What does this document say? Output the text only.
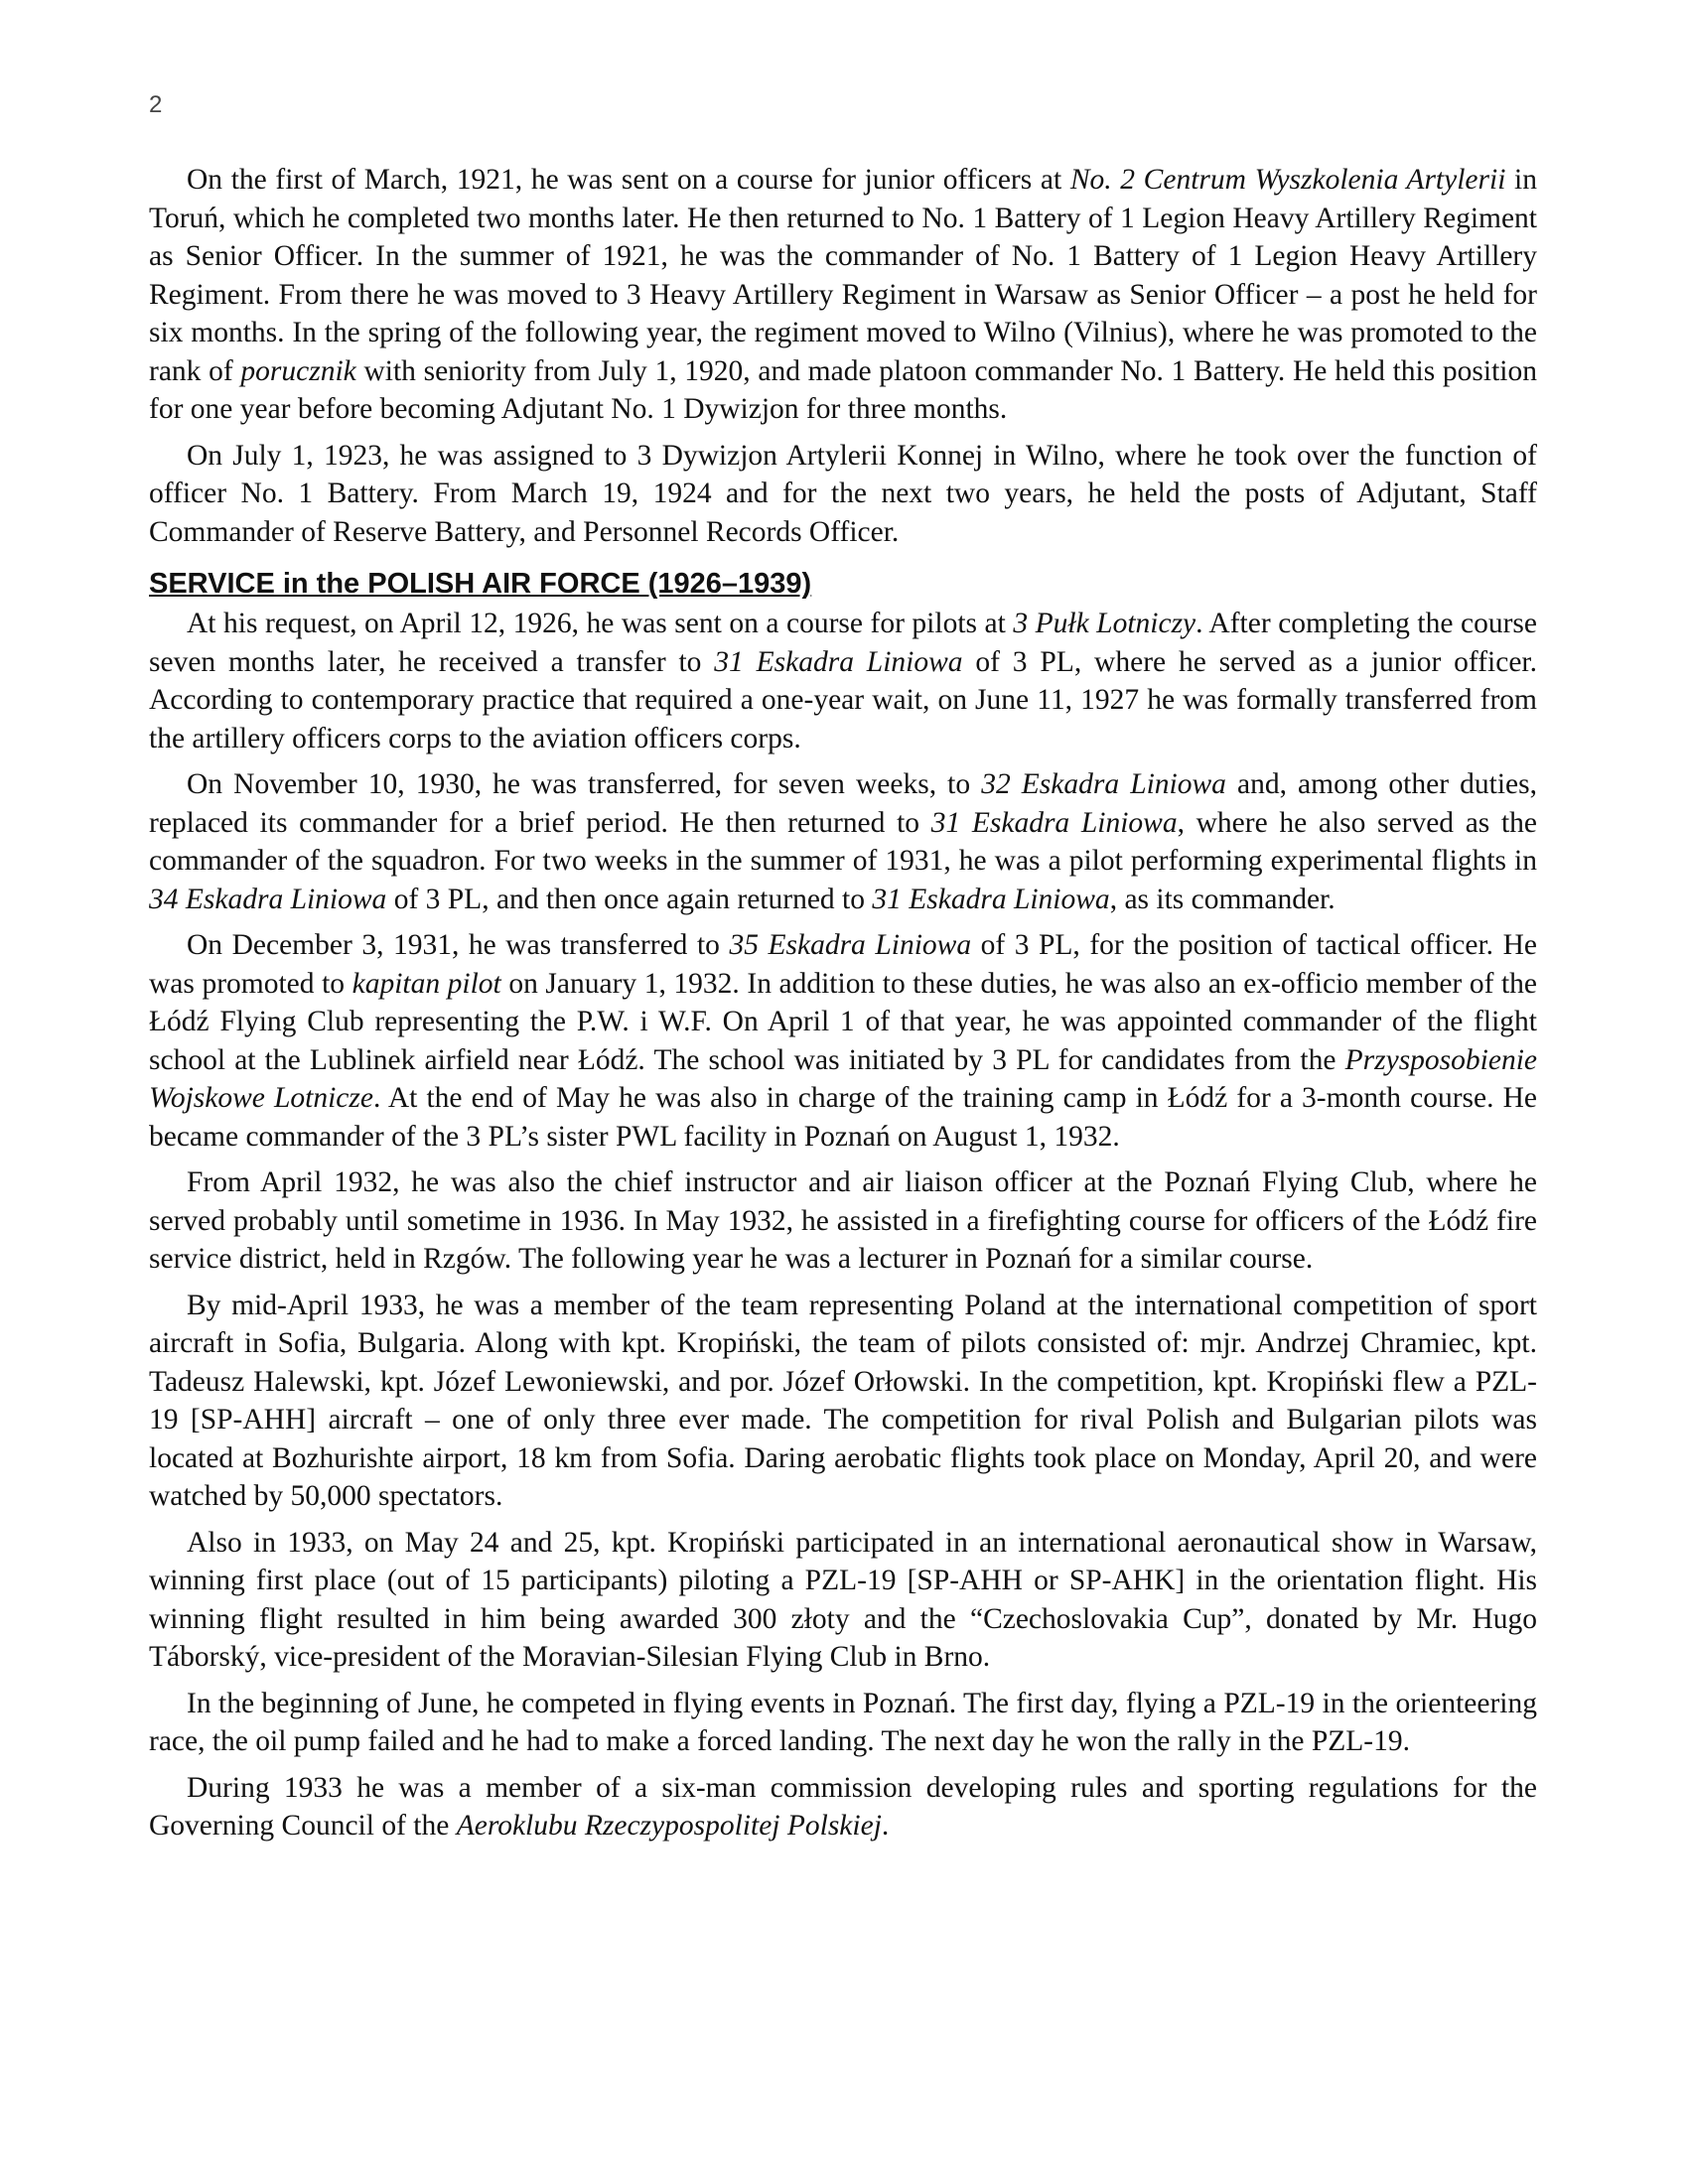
2

On the first of March, 1921, he was sent on a course for junior officers at No. 2 Centrum Wyszkolenia Artylerii in Toruń, which he completed two months later. He then returned to No. 1 Battery of 1 Legion Heavy Artillery Regiment as Senior Officer. In the summer of 1921, he was the commander of No. 1 Battery of 1 Legion Heavy Artillery Regiment. From there he was moved to 3 Heavy Artillery Regiment in Warsaw as Senior Officer – a post he held for six months. In the spring of the following year, the regiment moved to Wilno (Vilnius), where he was promoted to the rank of porucznik with seniority from July 1, 1920, and made platoon commander No. 1 Battery. He held this position for one year before becoming Adjutant No. 1 Dywizjon for three months.

On July 1, 1923, he was assigned to 3 Dywizjon Artylerii Konnej in Wilno, where he took over the function of officer No. 1 Battery. From March 19, 1924 and for the next two years, he held the posts of Adjutant, Staff Commander of Reserve Battery, and Personnel Records Officer.

SERVICE in the POLISH AIR FORCE (1926–1939)

At his request, on April 12, 1926, he was sent on a course for pilots at 3 Pułk Lotniczy. After completing the course seven months later, he received a transfer to 31 Eskadra Liniowa of 3 PL, where he served as a junior officer. According to contemporary practice that required a one-year wait, on June 11, 1927 he was formally transferred from the artillery officers corps to the aviation officers corps.

On November 10, 1930, he was transferred, for seven weeks, to 32 Eskadra Liniowa and, among other duties, replaced its commander for a brief period. He then returned to 31 Eskadra Liniowa, where he also served as the commander of the squadron. For two weeks in the summer of 1931, he was a pilot performing experimental flights in 34 Eskadra Liniowa of 3 PL, and then once again returned to 31 Eskadra Liniowa, as its commander.

On December 3, 1931, he was transferred to 35 Eskadra Liniowa of 3 PL, for the position of tactical officer. He was promoted to kapitan pilot on January 1, 1932. In addition to these duties, he was also an ex-officio member of the Łódź Flying Club representing the P.W. i W.F. On April 1 of that year, he was appointed commander of the flight school at the Lublinek airfield near Łódź. The school was initiated by 3 PL for candidates from the Przysposobienie Wojskowe Lotnicze. At the end of May he was also in charge of the training camp in Łódź for a 3-month course. He became commander of the 3 PL’s sister PWL facility in Poznań on August 1, 1932.

From April 1932, he was also the chief instructor and air liaison officer at the Poznań Flying Club, where he served probably until sometime in 1936. In May 1932, he assisted in a firefighting course for officers of the Łódź fire service district, held in Rzgów. The following year he was a lecturer in Poznań for a similar course.

By mid-April 1933, he was a member of the team representing Poland at the international competition of sport aircraft in Sofia, Bulgaria. Along with kpt. Kropiński, the team of pilots consisted of: mjr. Andrzej Chramiec, kpt. Tadeusz Halewski, kpt. Józef Lewoniewski, and por. Józef Orłowski. In the competition, kpt. Kropiński flew a PZL-19 [SP-AHH] aircraft – one of only three ever made. The competition for rival Polish and Bulgarian pilots was located at Bozhurishte airport, 18 km from Sofia. Daring aerobatic flights took place on Monday, April 20, and were watched by 50,000 spectators.

Also in 1933, on May 24 and 25, kpt. Kropiński participated in an international aeronautical show in Warsaw, winning first place (out of 15 participants) piloting a PZL-19 [SP-AHH or SP-AHK] in the orientation flight. His winning flight resulted in him being awarded 300 złoty and the “Czechoslovakia Cup”, donated by Mr. Hugo Táborský, vice-president of the Moravian-Silesian Flying Club in Brno.

In the beginning of June, he competed in flying events in Poznań. The first day, flying a PZL-19 in the orienteering race, the oil pump failed and he had to make a forced landing. The next day he won the rally in the PZL-19.

During 1933 he was a member of a six-man commission developing rules and sporting regulations for the Governing Council of the Aeroklubu Rzeczypospolitej Polskiej.
